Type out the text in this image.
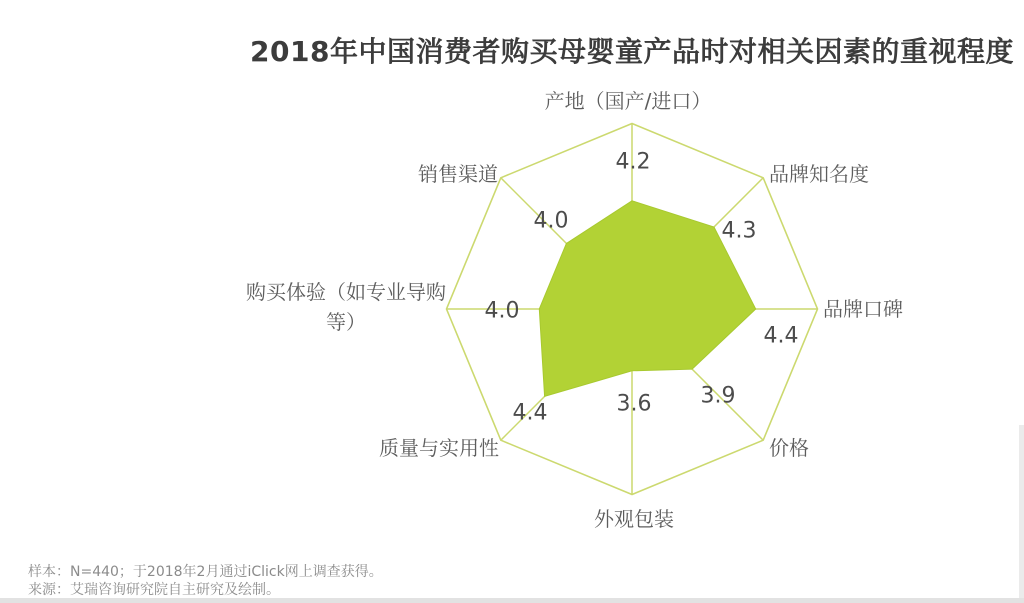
2018年中国消费者购买母婴童产品时对相关因素的重视程度
产地（国产/进口）
品牌知名度
品牌口碑
价格
外观包装
质量与实用性
购买体验（如专业导购等）
销售渠道	4.2
4.3
4.4
3.9
3.6
4.4
4.0
4.0
样本：N=440；于2018年2月通过iClick网上调查获得。
来源：艾瑞咨询研究院自主研究及绘制。
